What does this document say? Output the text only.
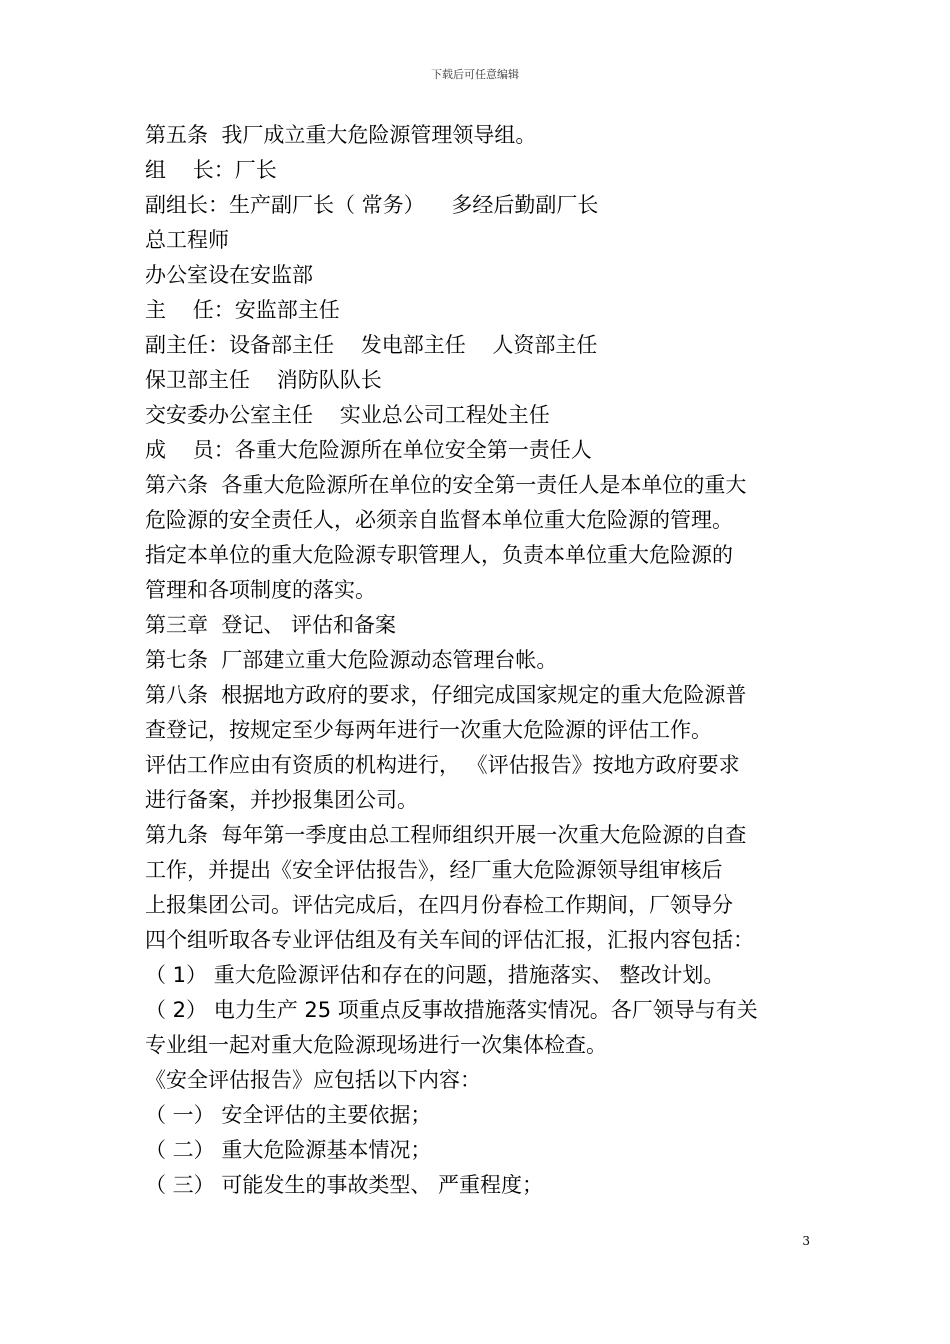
下载后可任意编辑
第五条  我厂成立重大危险源管理领导组。
组    长：厂长
副组长：生产副厂长（ 常务）    多经后勤副厂长
总工程师
办公室设在安监部
主    任：安监部主任
副主任：设备部主任    发电部主任    人资部主任
保卫部主任    消防队队长
交安委办公室主任    实业总公司工程处主任
成    员：各重大危险源所在单位安全第一责任人
第六条  各重大危险源所在单位的安全第一责任人是本单位的重大
危险源的安全责任人，必须亲自监督本单位重大危险源的管理。
指定本单位的重大危险源专职管理人，负责本单位重大危险源的
管理和各项制度的落实。
第三章  登记、 评估和备案
第七条  厂部建立重大危险源动态管理台帐。
第八条  根据地方政府的要求，仔细完成国家规定的重大危险源普
查登记，按规定至少每两年进行一次重大危险源的评估工作。
评估工作应由有资质的机构进行， 《评估报告》按地方政府要求
进行备案，并抄报集团公司。
第九条  每年第一季度由总工程师组织开展一次重大危险源的自查
工作，并提出《安全评估报告》，经厂重大危险源领导组审核后
上报集团公司。评估完成后，在四月份春检工作期间，厂领导分
四个组听取各专业评估组及有关车间的评估汇报，汇报内容包括：
（ 1） 重大危险源评估和存在的问题，措施落实、 整改计划。
（ 2） 电力生产 25 项重点反事故措施落实情况。各厂领导与有关
专业组一起对重大危险源现场进行一次集体检查。
《安全评估报告》应包括以下内容：
（ 一） 安全评估的主要依据；
（ 二） 重大危险源基本情况；
（ 三） 可能发生的事故类型、 严重程度；
3
